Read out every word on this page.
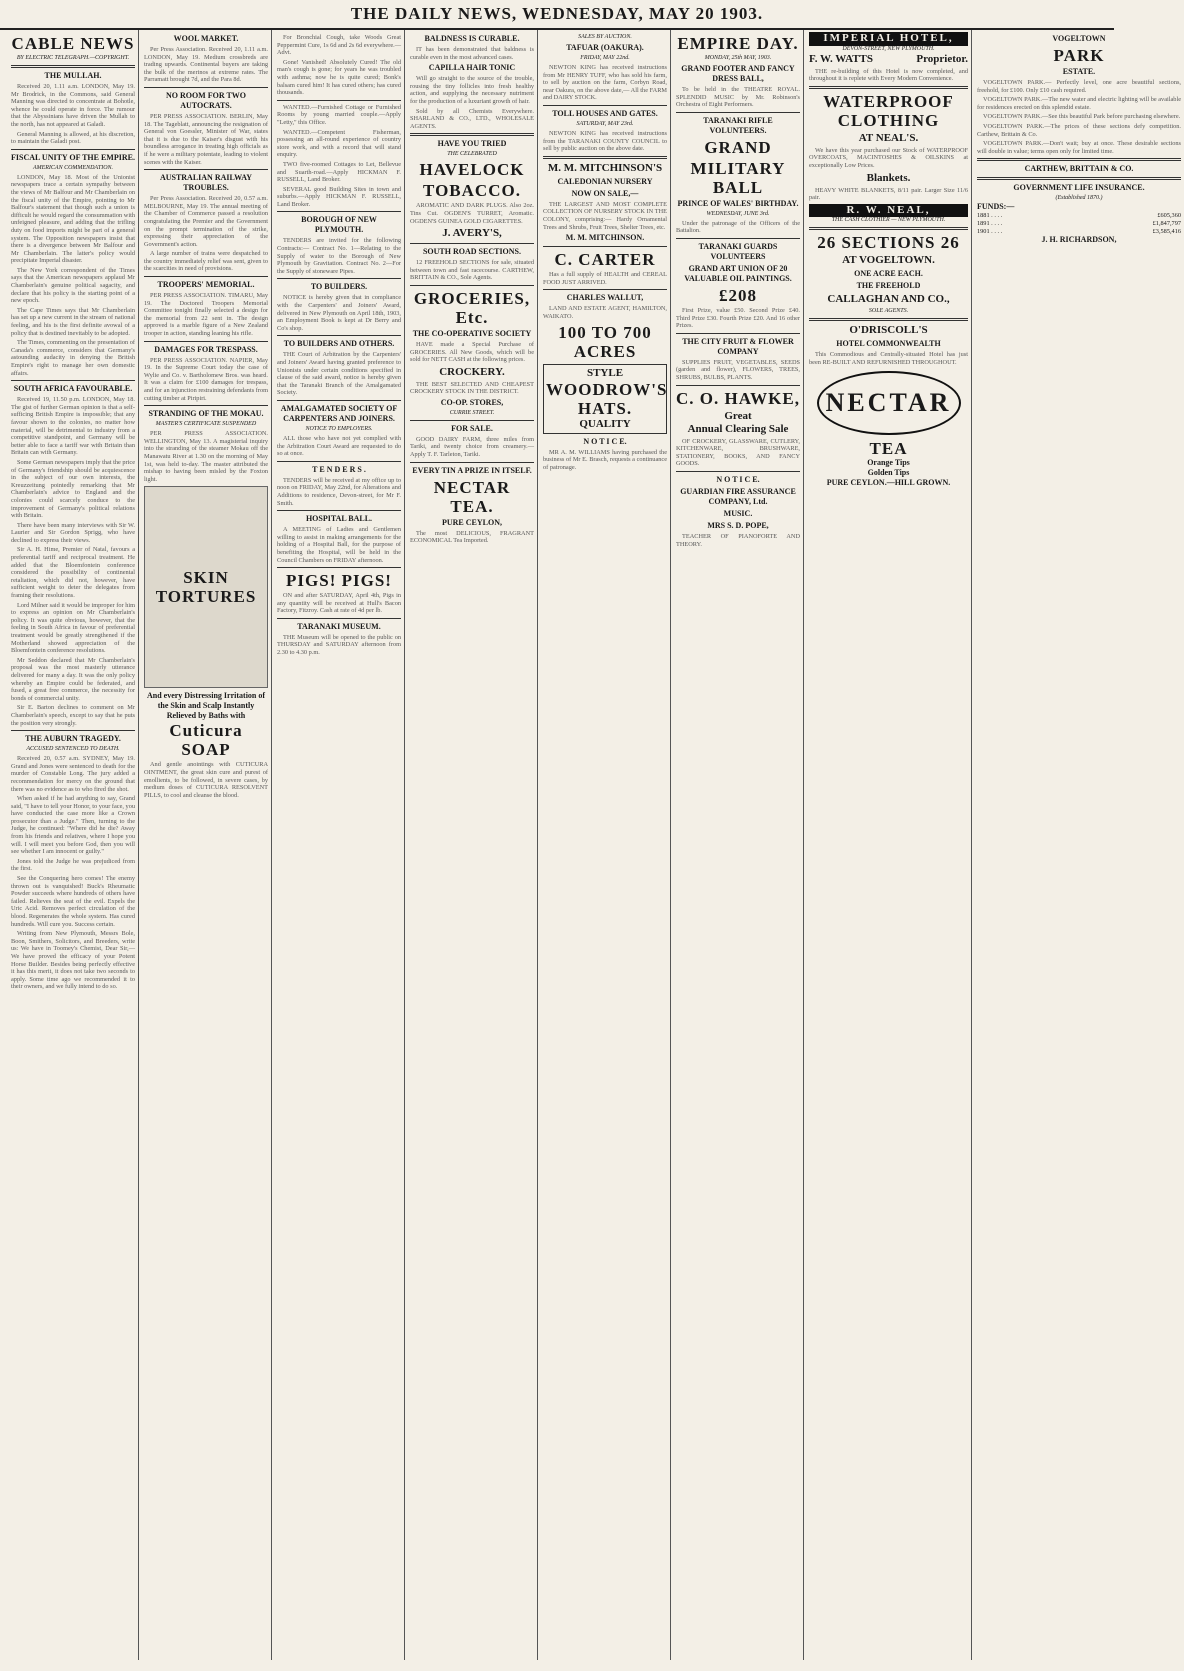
THE DAILY NEWS, WEDNESDAY, MAY 20 1903.
CABLE NEWS
BY ELECTRIC TELEGRAPH.—COPYRIGHT.
THE MULLAH.

Received 20, 1.11 a.m. LONDON, May 19. Mr Brodrick, in the Commons, said General Manning was directed to concentrate at Bohotle, whence he could operate in force. The rumour that the Abyssinians have driven the Mullah to the north, has not appeared at Galadi.

General Manning is allowed, at his discretion, to maintain the Galadi post.

FISCAL UNITY OF THE EMPIRE.
AMERICAN COMMENDATION.

LONDON, May 18. Most of the Unionist newspapers trace a certain sympathy between the views of Mr Balfour and Mr Chamberlain on the fiscal unity of the Empire, pointing to Mr Balfour's statement that though such a union is difficult he would regard the consummation with unfeigned pleasure, and adding that the trifling duty on food imports might be part of a general system. The Opposition newspapers insist that there is a divergence between Mr Balfour and Mr Chamberlain. The latter's policy would precipitate Imperial disaster.

The New York correspondent of the Times says that the American newspapers applaud Mr Chamberlain's genuine political sagacity, and declare that his policy is the starting point of a new epoch.

The Cape Times says that Mr Chamberlain has set up a new current in the stream of national feeling, and his is the first definite avowal of a policy that is destined inevitably to be adopted.

The Times, commenting on the presentation of Canada's commerce, considers that Germany's astounding audacity in denying the British Empire's right to manage her own domestic affairs.

SOUTH AFRICA FAVOURABLE.

Received 19, 11.50 p.m. LONDON, May 18. The gist of further German opinion is that a self-sufficing British Empire is impossible; that any favour shown to the colonies, no matter how material, will be detrimental to industry from a competitive standpoint, and Germany will be better able to face a tariff war with Britain than Britain can with Germany.

Some German newspapers imply that the price of Germany's friendship should be acquiescence in the subject of our own interests, the Kreuzzeitung pointedly remarking that Mr Chamberlain's advice to England and the colonies could scarcely conduce to the improvement of Germany's political relations with Britain.

There have been many interviews with Sir W. Laurier and Sir Gordon Sprigg, who have declined to express their views.

Sir A. H. Hime, Premier of Natal, favours a preferential tariff and reciprocal treatment. He added that the Bloemfontein conference considered the possibility of continental retaliation, which did not, however, have sufficient weight to deter the delegates from framing their resolutions.

Lord Milner said it would be improper for him to express an opinion on Mr Chamberlain's policy. It was quite obvious, however, that the feeling in South Africa in favour of preferential treatment would be greatly strengthened if the Motherland showed appreciation of the Bloemfontein conference resolutions.

Mr Seddon declared that Mr Chamberlain's proposal was the most masterly utterance delivered for many a day. It was the only policy whereby an Empire could be federated, and fused, a great free commerce, the necessity for bonds of commercial unity.

Sir E. Barton declines to comment on Mr Chamberlain's speech, except to say that he puts the position very strongly.

THE AUBURN TRAGEDY.
ACCUSED SENTENCED TO DEATH.

Received 20, 0.57 a.m. SYDNEY, May 19. Grand and Jones were sentenced to death for the murder of Constable Long. The jury added a recommendation for mercy on the ground that there was no evidence as to who fired the shot.

When asked if he had anything to say, Grand said, "I have to tell your Honor, to your face, you have conducted the case more like a Crown prosecutor than a Judge." Then, turning to the Judge, he continued: "Where did he die? Away from his friends and relatives, where I hope you will. I will meet you before God, then you will see whether I am innocent or guilty."

Jones told the Judge he was prejudiced from the first.

See the Conquering hero comes! The enemy thrown out is vanquished! Buck's Rheumatic Powder succeeds where hundreds of others have failed. Relieves the seat of the evil. Expels the Uric Acid. Removes perfect circulation of the blood. Regenerates the whole system. Has cured hundreds. Will cure you. Success certain.

Writing from New Plymouth, Messrs Bole, Boon, Smithers, Solicitors, and Breeders, write us: We have in Toomey's Chemist, Dear Sir,—We have proved the efficacy of your Potent Horse Builder. Besides being perfectly effective it has this merit, it does not take two seconds to apply. Some time ago we recommended it to their owners, and we fully intend to do so.

WOOL MARKET.

Per Press Association. Received 20, 1.11 a.m. LONDON, May 19. Medium crossbreds are trading upwards. Continental buyers are taking the bulk of the merinos at extreme rates. The Parramatt brought 7d, and the Para 8d.

NO ROOM FOR TWO AUTOCRATS.

PER PRESS ASSOCIATION. BERLIN, May 18. The Tageblatt, announcing the resignation of General von Goessler, Minister of War, states that it is due to the Kaiser's disgust with his boundless arrogance in treating high officials as if he were a military potentate, leading to violent scenes with the Kaiser.

AUSTRALIAN RAILWAY TROUBLES.

Per Press Association. Received 20, 0.57 a.m. MELBOURNE, May 19. The annual meeting of the Chamber of Commerce passed a resolution congratulating the Premier and the Government on the prompt termination of the strike, expressing their appreciation of the Government's action.

A large number of trains were despatched to the country immediately relief was sent, given to the scarcities in need of provisions.

TROOPERS' MEMORIAL.

PER PRESS ASSOCIATION. TIMARU, May 19. The Doctored Troopers Memorial Committee tonight finally selected a design for the memorial from 22 sent in. The design approved is a marble figure of a New Zealand trooper in action, standing leaning his rifle.

DAMAGES FOR TRESPASS.

PER PRESS ASSOCIATION. NAPIER, May 19. In the Supreme Court today the case of Wylie and Co. v. Bartholomew Bros. was heard. It was a claim for £100 damages for trespass, and for an injunction restraining defendants from cutting timber at Piripiri.

STRANDING OF THE MOKAU.
MASTER'S CERTIFICATE SUSPENDED

PER PRESS ASSOCIATION. WELLINGTON, May 13. A magisterial inquiry into the stranding of the steamer Mokau off the Manawatu River at 1.30 on the morning of May 1st, was held to-day. The master attributed the mishap to having been misled by the Foxton light.

SKIN
TORTURES
And every Distressing Irritation of the Skin and Scalp Instantly Relieved by Baths with
Cuticura SOAP

And gentle anointings with CUTICURA OINTMENT, the great skin cure and purest of emollients, to be followed, in severe cases, by medium doses of CUTICURA RESOLVENT PILLS, to cool and cleanse the blood.

For Bronchial Cough, take Woods Great Peppermint Cure, 1s 6d and 2s 6d everywhere.—Advt.

Gone! Vanished! Absolutely Cured! The old man's cough is gone; for years he was troubled with asthma; now he is quite cured; Bonk's balsam cured him! It has cured others; has cured thousands.

WANTED.—Furnished Cottage or Furnished Rooms by young married couple.—Apply "Letty," this Office.

WANTED.—Competent Fisherman, possessing an all-round experience of country store work, and with a record that will stand enquiry.

TWO five-roomed Cottages to Let, Bellevue and Suarth-road.—Apply HICKMAN F. RUSSELL, Land Broker.

SEVERAL good Building Sites in town and suburbs.—Apply HICKMAN F. RUSSELL, Land Broker.

BOROUGH OF NEW PLYMOUTH.

TENDERS are invited for the following Contracts:— Contract No. 1—Relating to the Supply of water to the Borough of New Plymouth by Gravitation. Contract No. 2—For the Supply of stoneware Pipes.

TO BUILDERS.

NOTICE is hereby given that in compliance with the Carpenters' and Joiners' Award, delivered in New Plymouth on April 18th, 1903, an Employment Book is kept at Dr Berry and Co's shop.

TO BUILDERS AND OTHERS.

THE Court of Arbitration by the Carpenters' and Joiners' Award having granted preference to Unionists under certain conditions specified in clause of the said award, notice is hereby given that the Taranaki Branch of the Amalgamated Society.

AMALGAMATED SOCIETY OF CARPENTERS AND JOINERS.
NOTICE TO EMPLOYERS.

ALL those who have not yet complied with the Arbitration Court Award are requested to do so at once.

T E N D E R S .

TENDERS will be received at my office up to noon on FRIDAY, May 22nd, for Alterations and Additions to residence, Devon-street, for Mr F. Smith.

HOSPITAL BALL.

A MEETING of Ladies and Gentlemen willing to assist in making arrangements for the holding of a Hospital Ball, for the purpose of benefiting the Hospital, will be held in the Council Chambers on FRIDAY afternoon.

PIGS! PIGS!

ON and after SATURDAY, April 4th, Pigs in any quantity will be received at Hull's Bacon Factory, Fitzroy. Cash at rate of 4d per lb.

TARANAKI MUSEUM.

THE Museum will be opened to the public on THURSDAY and SATURDAY afternoon from 2.30 to 4.30 p.m.

BALDNESS IS CURABLE.

IT has been demonstrated that baldness is curable even in the most advanced cases.

CAPILLA HAIR TONIC

Will go straight to the source of the trouble, rousing the tiny follicles into fresh healthy action, and supplying the necessary nutriment for the production of a luxuriant growth of hair.

Sold by all Chemists Everywhere. SHARLAND & CO., LTD., WHOLESALE AGENTS.

HAVE YOU TRIED
THE CELEBRATED
HAVELOCK
TOBACCO.

AROMATIC AND DARK PLUGS. Also 2oz. Tins Cut. OGDEN'S TURRET, Aromatic. OGDEN'S GUINEA GOLD CIGARETTES.

J. AVERY'S,
SOUTH ROAD SECTIONS.

12 FREEHOLD SECTIONS for sale, situated between town and fast racecourse. CARTHEW, BRITTAIN & CO., Sole Agents.

GROCERIES, Etc.
THE CO-OPERATIVE SOCIETY

HAVE made a Special Purchase of GROCERIES. All New Goods, which will be sold for NETT CASH at the following prices.

CROCKERY.

THE BEST SELECTED AND CHEAPEST CROCKERY STOCK IN THE DISTRICT.

CO-OP. STORES,
CURRIE STREET.
FOR SALE.

GOOD DAIRY FARM, three miles from Tariki, and twenty choice from creamery.—Apply T. F. Tarleton, Tariki.

EVERY TIN A PRIZE IN ITSELF.
NECTAR TEA.
PURE CEYLON,

The most DELICIOUS, FRAGRANT ECONOMICAL Tea Imported.

SALES BY AUCTION.
TAFUAR (OAKURA).
FRIDAY, MAY 22nd.

NEWTON KING has received instructions from Mr HENRY TUFF, who has sold his farm, to sell by auction on the farm, Corbyn Road, near Oakura, on the above date,— All the FARM and DAIRY STOCK.

TOLL HOUSES AND GATES.
SATURDAY, MAY 23rd.

NEWTON KING has received instructions from the TARANAKI COUNTY COUNCIL to sell by public auction on the above date.

M. M. MITCHINSON'S
CALEDONIAN NURSERY
NOW ON SALE,—

THE LARGEST AND MOST COMPLETE COLLECTION OF NURSERY STOCK IN THE COLONY, comprising:— Hardy Ornamental Trees and Shrubs, Fruit Trees, Shelter Trees, etc.

M. M. MITCHINSON.
C. CARTER

Has a full supply of HEALTH and CEREAL FOOD JUST ARRIVED.

CHARLES WALLUT,

LAND AND ESTATE AGENT, HAMILTON, WAIKATO.

100 TO 700 ACRES
STYLE
WOODROW'S
HATS.
QUALITY
N O T I C E.

MR A. M. WILLIAMS having purchased the business of Mr E. Brasch, requests a continuance of patronage.

EMPIRE DAY.
MONDAY, 25th MAY, 1903.
GRAND FOOTER AND FANCY DRESS BALL,

To be held in the THEATRE ROYAL. SPLENDID MUSIC by Mr. Robinson's Orchestra of Eight Performers.

TARANAKI RIFLE VOLUNTEERS.
GRAND
MILITARY BALL
PRINCE OF WALES' BIRTHDAY.
WEDNESDAY, JUNE 3rd.

Under the patronage of the Officers of the Battalion.

TARANAKI GUARDS VOLUNTEERS
GRAND ART UNION OF 20 VALUABLE OIL PAINTINGS.
£208

First Prize, value £50. Second Prize £40. Third Prize £30. Fourth Prize £20. And 16 other Prizes.

THE CITY FRUIT & FLOWER COMPANY

SUPPLIES FRUIT, VEGETABLES, SEEDS (garden and flower), FLOWERS, TREES, SHRUBS, BULBS, PLANTS.

C. O. HAWKE,
Great
Annual Clearing Sale

OF CROCKERY, GLASSWARE, CUTLERY, KITCHENWARE, BRUSHWARE, STATIONERY, BOOKS, AND FANCY GOODS.

N O T I C E.
GUARDIAN FIRE ASSURANCE COMPANY, Ltd.
MUSIC.
MRS S. D. POPE,

TEACHER OF PIANOFORTE AND THEORY.

IMPERIAL HOTEL,
DEVON-STREET, NEW PLYMOUTH.
F. W. WATTS	Proprietor.

THE re-building of this Hotel is now completed, and throughout it is replete with Every Modern Convenience.

WATERPROOF CLOTHING
AT NEAL'S.

We have this year purchased our Stock of WATERPROOF OVERCOATS, MACINTOSHES & OILSKINS at exceptionally Low Prices.

Blankets.

HEAVY WHITE BLANKETS, 8/11 pair. Larger Size 11/6 pair.

R. W. NEAL,
THE CASH CLOTHIER — NEW PLYMOUTH.
26 SECTIONS 26
AT VOGELTOWN.
ONE ACRE EACH.
THE FREEHOLD
CALLAGHAN AND CO.,
SOLE AGENTS.
O'DRISCOLL'S
HOTEL COMMONWEALTH

This Commodious and Centrally-situated Hotel has just been RE-BUILT AND REFURNISHED THROUGHOUT.

NECTAR
TEA
Orange Tips
Golden Tips
PURE CEYLON.—HILL GROWN.
VOGELTOWN
PARK
ESTATE.

VOGELTOWN PARK.— Perfectly level, one acre beautiful sections, freehold, for £100. Only £10 cash required.

VOGELTOWN PARK.—The new water and electric lighting will be available for residences erected on this splendid estate.

VOGELTOWN PARK.—See this beautiful Park before purchasing elsewhere.

VOGELTOWN PARK.—The prices of these sections defy competition. Carthew, Brittain & Co.

VOGELTOWN PARK.—Don't wait; buy at once. These desirable sections will double in value; terms open only for limited time.

CARTHEW, BRITTAIN & CO.
GOVERNMENT LIFE INSURANCE.
(Established 1870.)
FUNDS:—
1881 . . . .	£605,360
1891 . . . .	£1,847,797
1901 . . . .	£3,585,416
J. H. RICHARDSON,
